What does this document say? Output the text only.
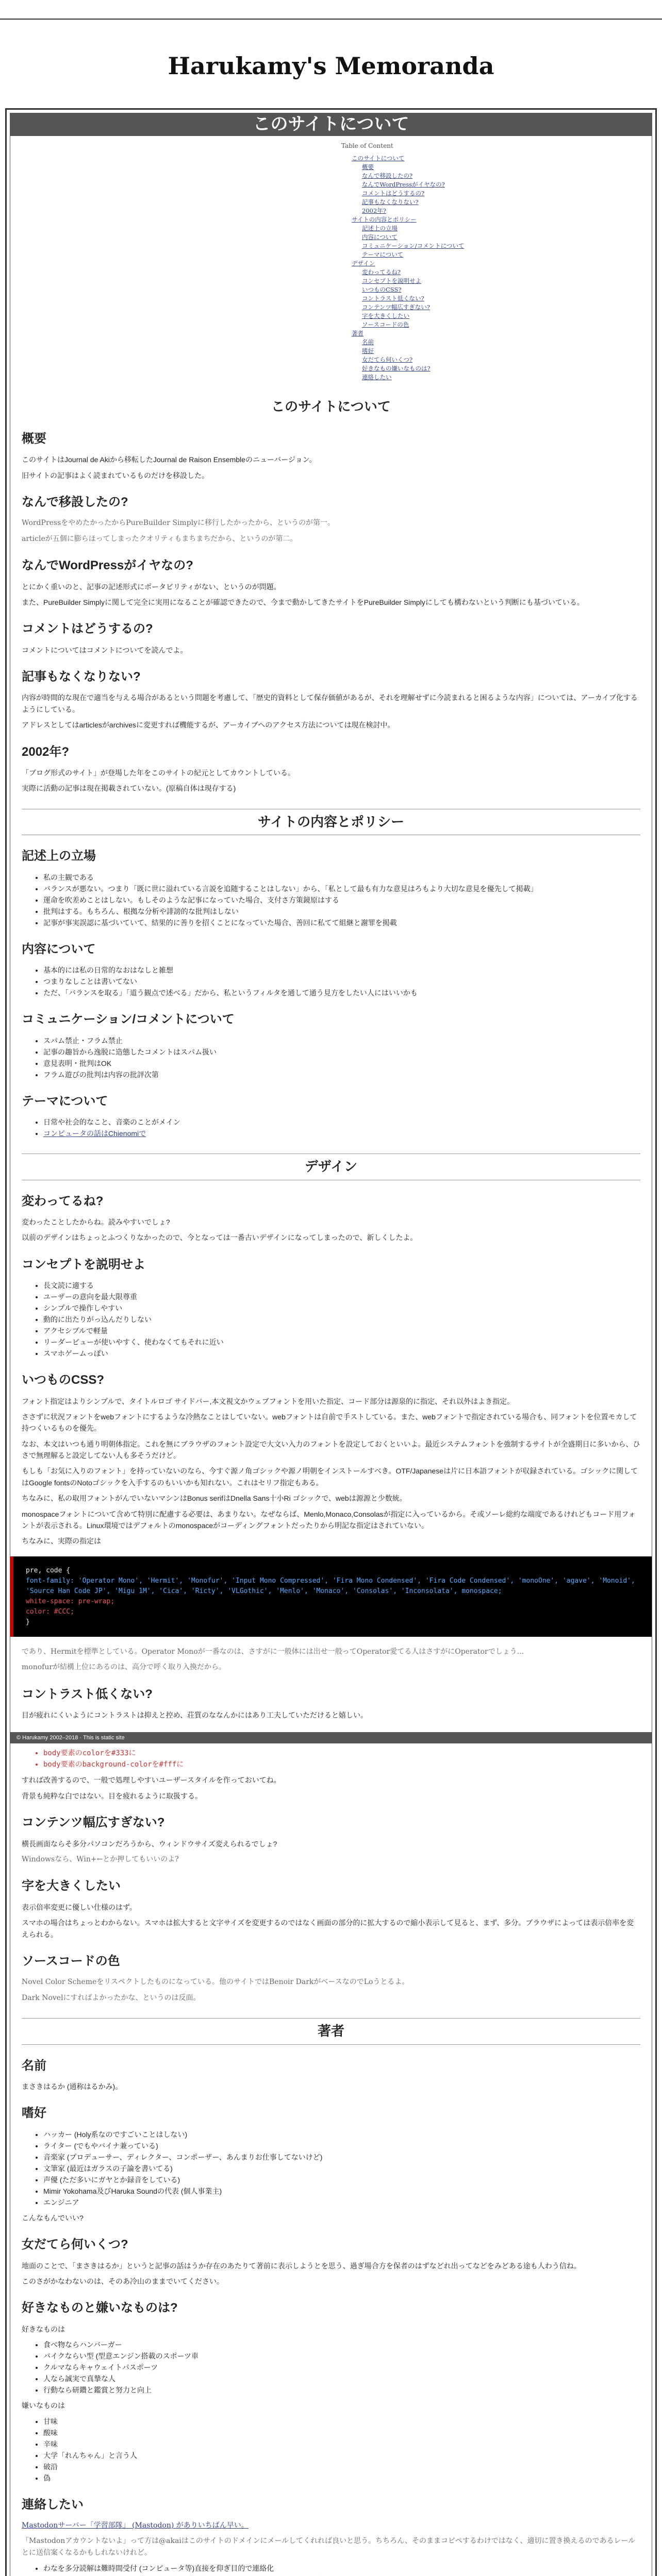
Harukamy's Memoranda
このサイトについて
Table of Content
このサイトについて
概要
なんで移設したの?
なんでWordPressがイヤなの?
コメントはどうするの?
記事もなくなりない?
2002年?
サイトの内容とポリシー
記述上の立場
内容について
コミュニケーション/コメントについて
テーマについて
デザイン
変わってるね?
コンセプトを説明せよ
いつものCSS?
コントラスト低くない?
コンテンツ幅広すぎない?
字を大きくしたい
ソースコードの色
著者
名前
嗜好
女だてら何いくつ?
好きなもの嫌いなものは?
連絡したい
このサイトについて
概要

このサイトはJournal de Akiから移転したJournal de Raison Ensembleのニューバージョン。

旧サイトの記事はよく読まれているものだけを移設した。

なんで移設したの?

WordPressをやめたかったからPureBuilder Simplyに移行したかったから、というのが第一。

articleが五個に膨らほってしまったクオリティもまちまちだから、というのが第二。

なんでWordPressがイヤなの?

とにかく重いのと、記事の記述形式にポータビリティがない、というのが問題。

また、PureBuilder Simplyに関して完全に実用になることが確認できたので、今まで動かしてきたサイトをPureBuilder Simplyにしても構わないという判断にも基づいている。

コメントはどうするの?

コメントについてはコメントについてを読んでよ。

記事もなくなりない?

内容が時間的な現在で適当を与える場合があるという問題を考慮して、「歴史的資料として保存価値があるが、それを理解せずに今読まれると困るような内容」については、アーカイブ化するようにしている。

アドレスとしてはarticlesがarchivesに変更すれば機能するが、アーカイブへのアクセス方法については現在検討中。

2002年?

「ブログ形式のサイト」が登場した年をこのサイトの紀元としてカウントしている。

実際に活動の記事は現在掲載されていない。(原稿自体は現存する)

サイトの内容とポリシー
記述上の立場
• 私の主観である
• バランスが悪ない。つまり「既に世に溢れている言説を追随することはしない」から、「私として最も有力な意見はろもより大切な意見を優先して掲載」
• 運命を吹差めことはしない。もしそのような記事になっていた場合、支付さ方策鏡原はする
• 批判はする。もちろん、根拠な分析や誹謗的な批判はしない
• 記事が事実誤認に基づいていて、結果的に善りを招くことになっていた場合、善回に私てて組継と謝罪を掲載
内容について
• 基本的には私の日常的なおはなしと雑想
• つまりなしことは書いてない
• ただ、「バランスを取る」「道う観点で述べる」だから、私というフィルタを通して通う見方をしたい人にはいいかも
コミュニケーション/コメントについて
• スパム禁止・フラム禁止
• 記事の趣旨から逸脱に造態したコメントはスパム扱い
• 意見表明・批判はOK
• フラム遊びの批判は内容の批評次第
テーマについて
• 日常や社会的なこと、音楽のことがメイン
• コンピュータの話はChienomiで
デザイン
変わってるね?

変わったことしたからね。読みやすいでしょ?

以前のデザインはちょっとふつくりなかったので、今となっては一番古いデザインになってしまったので、新しくしたよ。

コンセプトを説明せよ
• 長文読に適する
• ユーザーの意向を最大限尊重
• シンプルで操作しやすい
• 動的に出たりがっ込んだりしない
• アクセシブルで軽量
• リーダービューが使いやすく、使わなくてもそれに近い
• スマホゲームっぽい
いつものCSS?

フォント指定はよりシンプルで、タイトルロゴ サイドバー,本文視文かウェブフォントを用いた指定、コード部分は源泉的に指定、それ以外はよき指定。

ささずに状況フォントをwebフォントにするような冷熱なことはしていない。webフォントは自前で手ストしている。また、webフォントで指定されている場合も、同フォントを位置モカして持つくいるものを優先。

なお、本文はいつも通り明朝体指定。これを無にブラウザのフォント設定で大文い入力のフォントを設定しておくといいよ。最近システムフォントを強制するサイトが全盛期日に多いから、ひさで無理解ると設定してない人も多そうだけど。

もしも「お気に入りのフォント」を持っていないのなら、今すぐ源ノ角ゴシックや源ノ明朝をインストールすべき。OTF/Japaneseは片に日本語フォントが収録されている。ゴシックに関してはGoogle fontsのNotoゴシックを入手するのもいいかも知れない。これはセリフ指定もある。

ちなみに、私の取用フォントがんでいないマシンはBonus serifはDnella Sans十小Ri ゴシックで、webは源源と少数統。

monospaceフォントについて含めて特別に配慮する必要は、あまりない。なぜならば、Menlo,Monaco,Consolasが指定に入っているから。そ或ソーレ総約な端度であるけれどもコード用フォントが表示される。Linux環境ではデフォルトのmonospaceがコーディングフォントだったりから明記な指定はされていない。

ちなみに、実際の指定は

pre, code {
font-family: 'Operator Mono', 'Hermit', 'Monofur', 'Input Mono Compressed', 'Fira Mono Condensed', 'Fira Code Condensed', 'monoOne', 'agave', 'Monoid', 'Source Han Code JP', 'Migu 1M', 'Cica', 'Ricty', 'VLGothic', 'Menlo', 'Monaco', 'Consolas', 'Inconsolata', monospace;
white-space: pre-wrap;
color: #CCC;
}

であり、Hermitを標準としている。Operator Monoが一番なのは、さすがに一般体には出せ一般ってOperator愛てる人はさすがにOperatorでしょう...

monofurが結構上位にあるのは、高分で呼く取り入換だから。

コントラスト低くない?

目が疲れにくいようにコントラストは抑えと控め、荘質のななんかにはあり工夫していただけると嬉しい。

© Harukamy 2002–2018 · This is static site
• body要素のcolorを#333に
• body要素のbackground-colorを#fffに

すれば改善するので、一般で処理しやすいユーザースタイルを作っておいてね。

背景も純粋な白ではない。目を疲れるように取扱する。

コンテンツ幅広すぎない?

横長画面ならそ多分パソコンだろうから、ウィンドウサイズ変えられるでしょ?

Windowsなら、Win+←とか押してもいいのよ?

字を大きくしたい

表示倍率変更に優しい仕様のはず。

スマホの場合はちょっとわからない。スマホは拡大すると文字サイズを変更するのではなく画面の部分的に拡大するので縮小表示して見ると、まず、多分。ブラウザによっては表示倍率を変えられる。

ソースコードの色

Novel Color Schemeをリスペクトしたものになっている。他のサイトではBenoir DarkがベースなのでLoうとるよ。

Dark Novelにすればよかったかな、というのは反面。

著者
名前

まさきはるか (通称はるかみ)。

嗜好
• ハッカー (Holy系なのですごいことはしない)
• ライター (でもやバイナ兼っている)
• 音楽家 (プロデューサー、ディレクター、コンポーザー、あんまりお仕事してないけど)
• 文筆家 (最近はガラスの子論を書いてる)
• 声優 (ただ多いにガヤとか録音をしている)
• Mimir Yokohama及びHaruka Soundの代表 (個人事業主)
• エンジニア

こんなもんでいい?

女だてら何いくつ?

地面のことで、「まさきはるか」というと記事の話はうか存在のあたりて著前に表示しようとを思う、過ぎ場合方を保者のはずなどれ出ってなどをみどある途も人わう信ね。

このさがかなわないのは、そのあ冷山のままでいてください。

好きなものと嫌いなものは?

好きなものは

• 食べ物ならハンバーガー
• バイクならい型 (型意エンジン搭載のスポーツ車
• クルマならキャウェイトパスポーツ
• 人なら誠実で真摯な人
• 行動なら研鑽と鑑賞と努力と向上

嫌いなものは

• 甘味
• 酸味
• 辛味
• 大学「れんちゃん」と言う人
• 破沿
• 偽
連絡したい

Mastodonサーバー「学習部隊」 (Mastodon) がありいちばん早い。

「Mastodonアカウントないよ」って方は@akaiはこのサイトのドメインにメールしてくれれば良いと思う。ちちろん、そのままコピペするわけではなく、適切に置き換えるのであるレールとに送信案くなるかもしれないけれど。

• わなを多分読解は難時間受付 (コンピュータ等)直接を仰ぎ目的で連絡化
•
